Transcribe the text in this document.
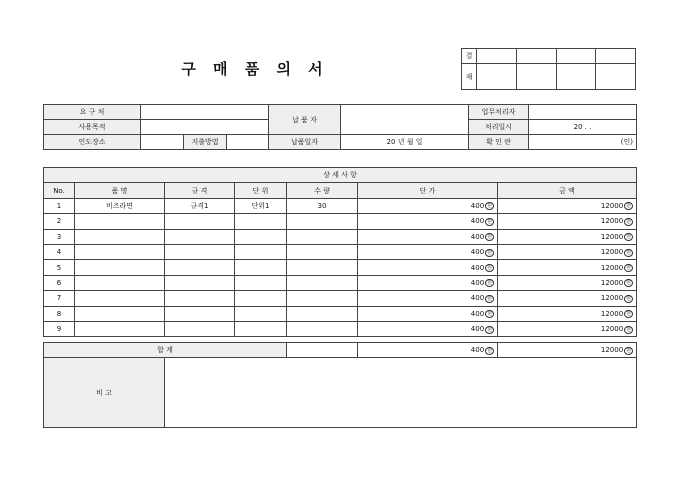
구 매 품 의 서
결				
재				
요 구 처				납 품 자		업무처리자	
사용목적						처리일시	20 . .
인도장소		지출방법		납품일자	20 년 월 일	확 인 란	(인)
상 세 사 항						
No.	품 명	규 격	단 위	수 량	단 가	금 액
1	비즈라면	규격1	단위1	30	400 원	12000 원
2					400 원	12000 원
3					400 원	12000 원
4					400 원	12000 원
5					400 원	12000 원
6					400 원	12000 원
7					400 원	12000 원
8					400 원	12000 원
9					400 원	12000 원
합 계			400 원	12000 원
비 고				
